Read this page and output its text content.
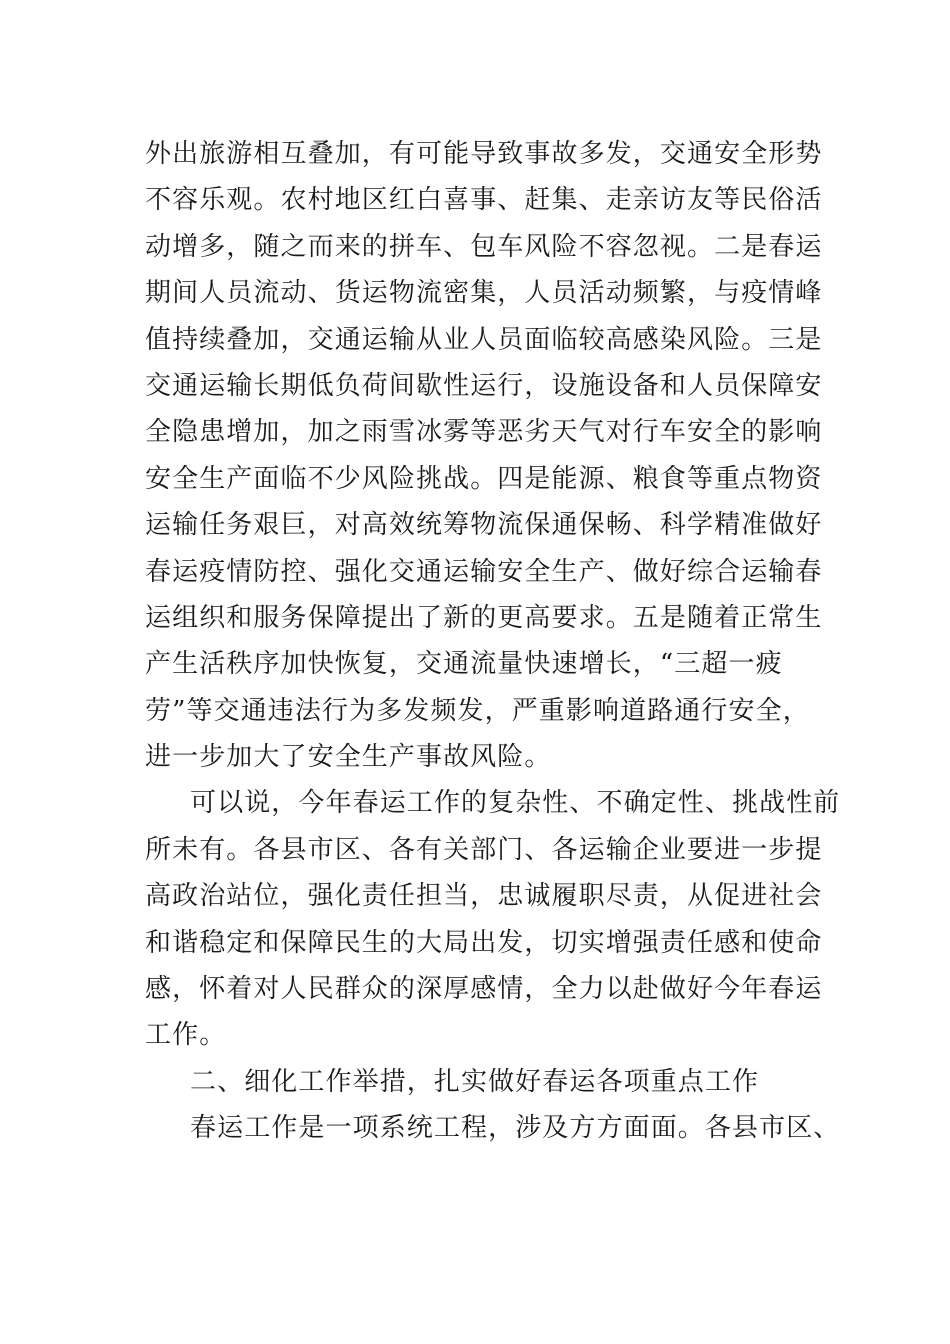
外出旅游相互叠加，有可能导致事故多发，交通安全形势
不容乐观。农村地区红白喜事、赶集、走亲访友等民俗活
动增多，随之而来的拼车、包车风险不容忽视。二是春运
期间人员流动、货运物流密集，人员活动频繁，与疫情峰
值持续叠加，交通运输从业人员面临较高感染风险。三是
交通运输长期低负荷间歇性运行，设施设备和人员保障安
全隐患增加，加之雨雪冰雾等恶劣天气对行车安全的影响
安全生产面临不少风险挑战。四是能源、粮食等重点物资
运输任务艰巨，对高效统筹物流保通保畅、科学精准做好
春运疫情防控、强化交通运输安全生产、做好综合运输春
运组织和服务保障提出了新的更高要求。五是随着正常生
产生活秩序加快恢复，交通流量快速增长，“三超一疲
劳”等交通违法行为多发频发，严重影响道路通行安全，
进一步加大了安全生产事故风险。
可以说，今年春运工作的复杂性、不确定性、挑战性前
所未有。各县市区、各有关部门、各运输企业要进一步提
高政治站位，强化责任担当，忠诚履职尽责，从促进社会
和谐稳定和保障民生的大局出发，切实增强责任感和使命
感，怀着对人民群众的深厚感情，全力以赴做好今年春运
工作。
二、细化工作举措，扎实做好春运各项重点工作
春运工作是一项系统工程，涉及方方面面。各县市区、
